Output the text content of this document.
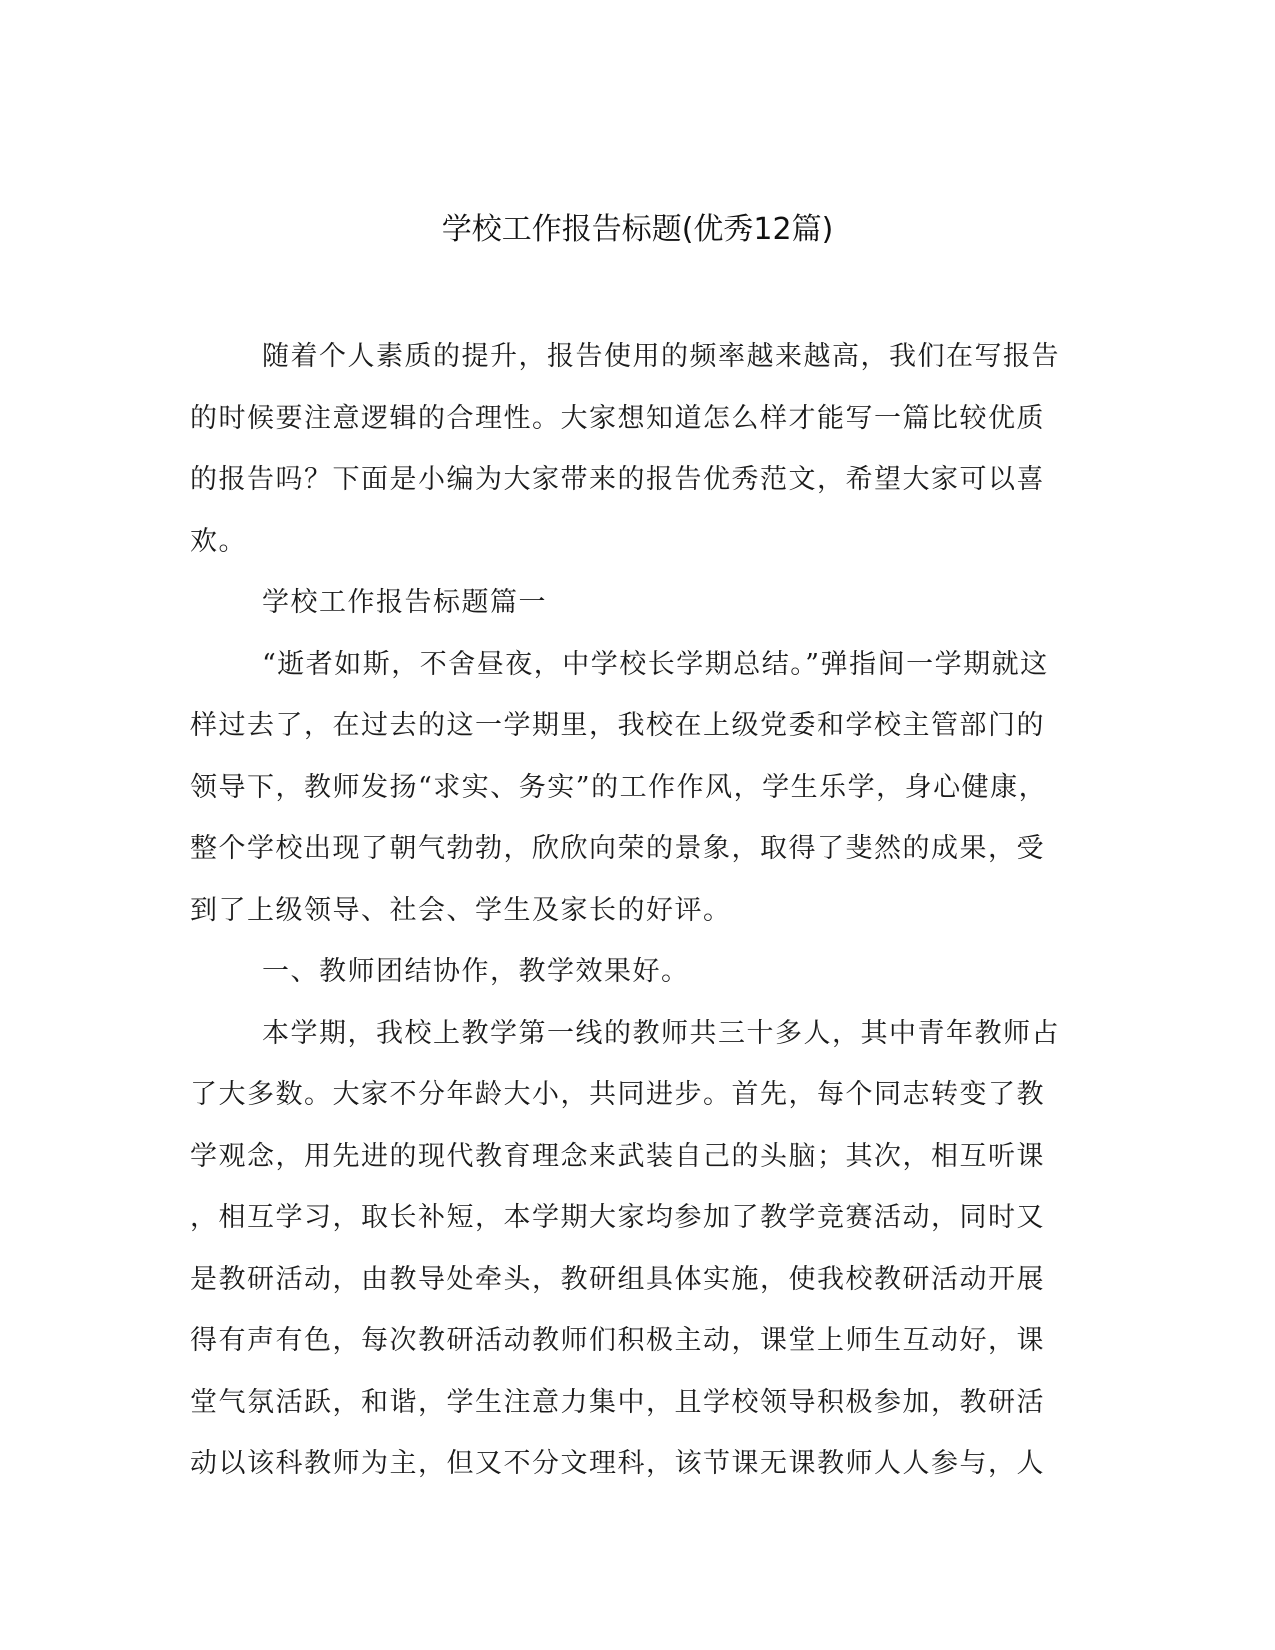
学校工作报告标题(优秀12篇)
随着个人素质的提升，报告使用的频率越来越高，我们在写报告
的时候要注意逻辑的合理性。大家想知道怎么样才能写一篇比较优质
的报告吗？下面是小编为大家带来的报告优秀范文，希望大家可以喜
欢。
学校工作报告标题篇一
“逝者如斯，不舍昼夜，中学校长学期总结。”弹指间一学期就这
样过去了，在过去的这一学期里，我校在上级党委和学校主管部门的
领导下，教师发扬“求实、务实”的工作作风，学生乐学，身心健康，
整个学校出现了朝气勃勃，欣欣向荣的景象，取得了斐然的成果，受
到了上级领导、社会、学生及家长的好评。
一、教师团结协作，教学效果好。
本学期，我校上教学第一线的教师共三十多人，其中青年教师占
了大多数。大家不分年龄大小，共同进步。首先，每个同志转变了教
学观念，用先进的现代教育理念来武装自己的头脑；其次，相互听课
，相互学习，取长补短，本学期大家均参加了教学竞赛活动，同时又
是教研活动，由教导处牵头，教研组具体实施，使我校教研活动开展
得有声有色，每次教研活动教师们积极主动，课堂上师生互动好，课
堂气氛活跃，和谐，学生注意力集中，且学校领导积极参加，教研活
动以该科教师为主，但又不分文理科，该节课无课教师人人参与，人
